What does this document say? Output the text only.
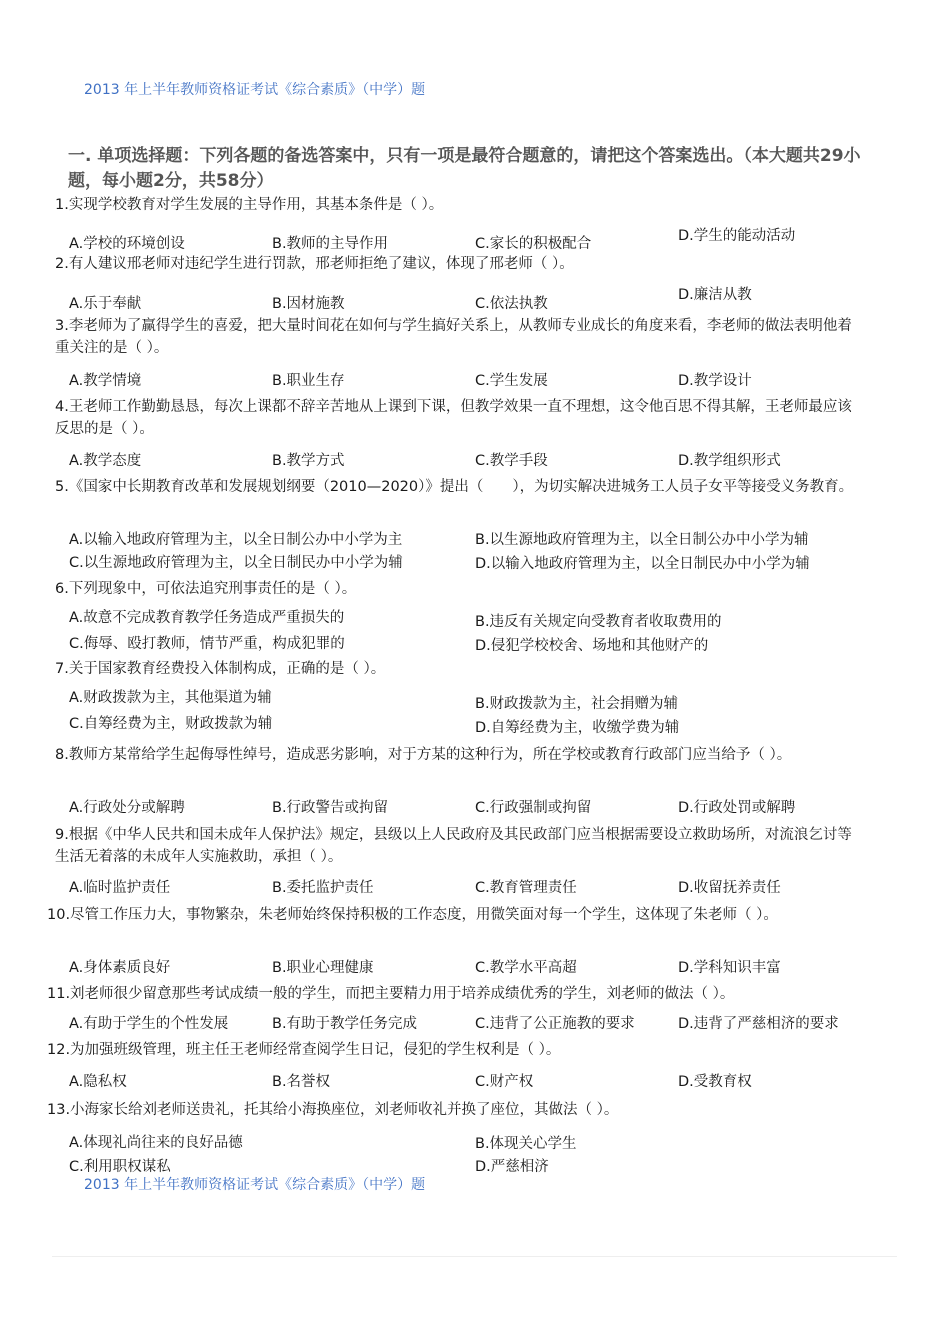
2013 年上半年教师资格证考试《综合素质》（中学）题
一. 单项选择题：下列各题的备选答案中，只有一项是最符合题意的，请把这个答案选出。（本大题共29小题，每小题2分，共58分）
1.实现学校教育对学生发展的主导作用，其基本条件是（ ）。
A.学校的环境创设	B.教师的主导作用	C.家长的积极配合	D.学生的能动活动
2.有人建议邢老师对违纪学生进行罚款，邢老师拒绝了建议，体现了邢老师（ ）。
A.乐于奉献	B.因材施教	C.依法执教
D.廉洁从教
3.李老师为了赢得学生的喜爱，把大量时间花在如何与学生搞好关系上，从教师专业成长的角度来看，李老师的做法表明他着重关注的是（ ）。
A.教学情境	B.职业生存	C.学生发展	D.教学设计
4.王老师工作勤勤恳恳，每次上课都不辞辛苦地从上课到下课，但教学效果一直不理想，这令他百思不得其解，王老师最应该反思的是（ ）。
A.教学态度	B.教学方式	C.教学手段	D.教学组织形式
5.《国家中长期教育改革和发展规划纲要（2010—2020）》提出（　　），为切实解决进城务工人员子女平等接受义务教育。
A.以输入地政府管理为主，以全日制公办中小学为主	B.以生源地政府管理为主，以全日制公办中小学为辅
C.以生源地政府管理为主，以全日制民办中小学为辅	D.以输入地政府管理为主，以全日制民办中小学为辅
6.下列现象中，可依法追究刑事责任的是（ ）。
A.故意不完成教育教学任务造成严重损失的	B.违反有关规定向受教育者收取费用的
C.侮辱、殴打教师，情节严重，构成犯罪的	D.侵犯学校校舍、场地和其他财产的
7.关于国家教育经费投入体制构成，正确的是（ ）。
A.财政拨款为主，其他渠道为辅	B.财政拨款为主，社会捐赠为辅
C.自筹经费为主，财政拨款为辅	D.自筹经费为主，收缴学费为辅
8.教师方某常给学生起侮辱性绰号，造成恶劣影响，对于方某的这种行为，所在学校或教育行政部门应当给予（ ）。
A.行政处分或解聘	B.行政警告或拘留	C.行政强制或拘留	D.行政处罚或解聘
9.根据《中华人民共和国未成年人保护法》规定，县级以上人民政府及其民政部门应当根据需要设立救助场所，对流浪乞讨等生活无着落的未成年人实施救助，承担（ ）。
A.临时监护责任	B.委托监护责任	C.教育管理责任	D.收留抚养责任
10.尽管工作压力大，事物繁杂，朱老师始终保持积极的工作态度，用微笑面对每一个学生，这体现了朱老师（ ）。
A.身体素质良好	B.职业心理健康	C.教学水平高超	D.学科知识丰富
11.刘老师很少留意那些考试成绩一般的学生，而把主要精力用于培养成绩优秀的学生，刘老师的做法（ ）。
A.有助于学生的个性发展	B.有助于教学任务完成	C.违背了公正施教的要求	D.违背了严慈相济的要求
12.为加强班级管理，班主任王老师经常查阅学生日记，侵犯的学生权利是（ ）。
A.隐私权	B.名誉权	C.财产权	D.受教育权
13.小海家长给刘老师送贵礼，托其给小海换座位，刘老师收礼并换了座位，其做法（ ）。
A.体现礼尚往来的良好品德	B.体现关心学生
C.利用职权谋私	D.严慈相济
2013 年上半年教师资格证考试《综合素质》（中学）题
